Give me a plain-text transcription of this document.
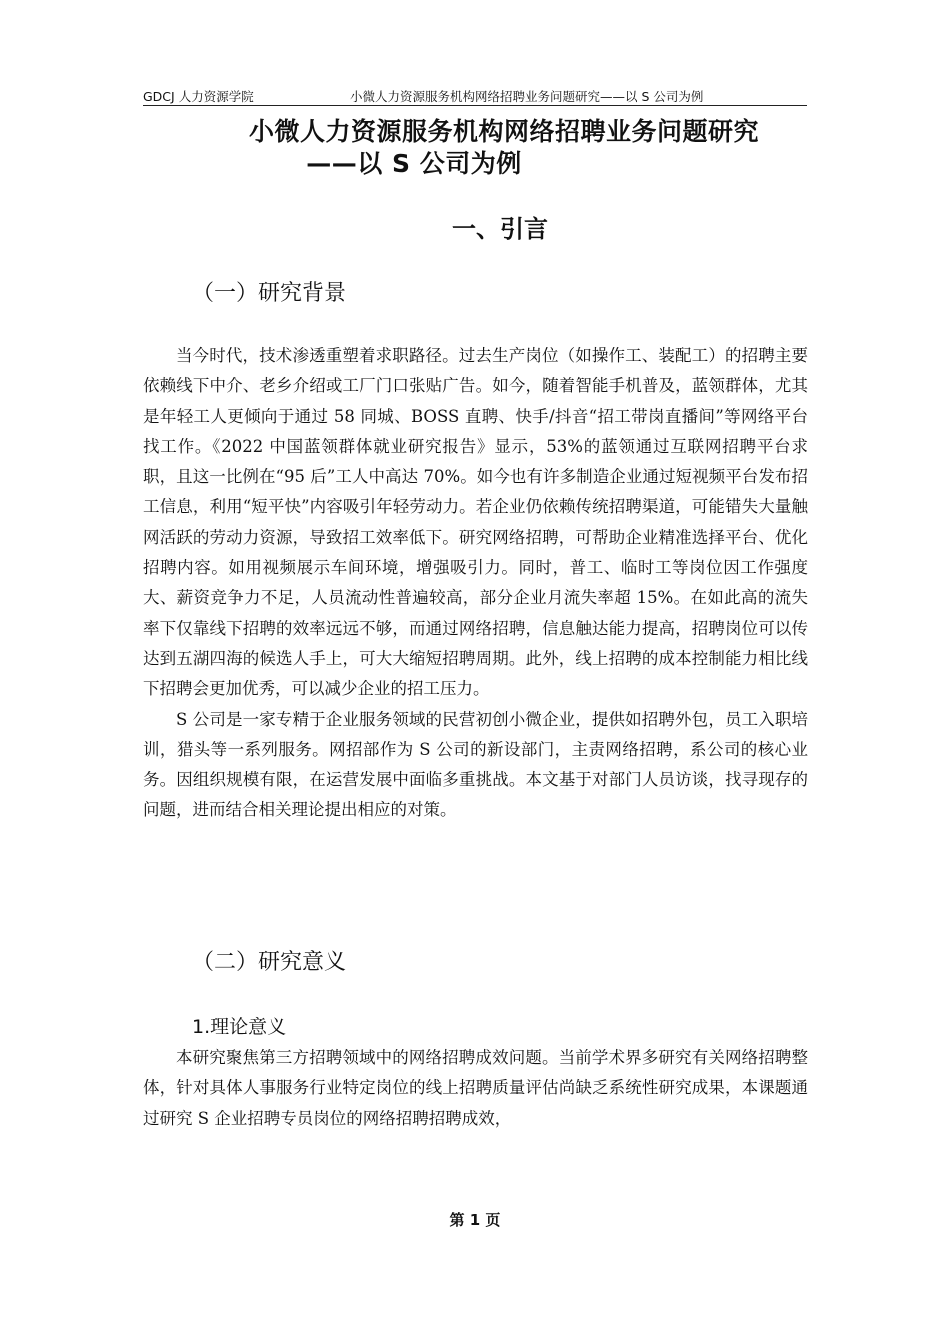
GDCJ 人力资源学院	小微人力资源服务机构网络招聘业务问题研究——以 S 公司为例
小微人力资源服务机构网络招聘业务问题研究
——以 S 公司为例
一、引言
（一）研究背景

当今时代，技术渗透重塑着求职路径。过去生产岗位（如操作工、装配工）的招聘主要依赖线下中介、老乡介绍或工厂门口张贴广告。如今，随着智能手机普及，蓝领群体，尤其是年轻工人更倾向于通过 58 同城、BOSS 直聘、快手/抖音“招工带岗直播间”等网络平台找工作。《2022 中国蓝领群体就业研究报告》显示，53%的蓝领通过互联网招聘平台求职，且这一比例在“95 后”工人中高达 70%。如今也有许多制造企业通过短视频平台发布招工信息，利用“短平快”内容吸引年轻劳动力。若企业仍依赖传统招聘渠道，可能错失大量触网活跃的劳动力资源，导致招工效率低下。研究网络招聘，可帮助企业精准选择平台、优化招聘内容。如用视频展示车间环境，增强吸引力。同时，普工、临时工等岗位因工作强度大、薪资竞争力不足，人员流动性普遍较高，部分企业月流失率超 15%。在如此高的流失率下仅靠线下招聘的效率远远不够，而通过网络招聘，信息触达能力提高，招聘岗位可以传达到五湖四海的候选人手上，可大大缩短招聘周期。此外，线上招聘的成本控制能力相比线下招聘会更加优秀，可以减少企业的招工压力。

S 公司是一家专精于企业服务领域的民营初创小微企业，提供如招聘外包，员工入职培训，猎头等一系列服务。网招部作为 S 公司的新设部门，主责网络招聘，系公司的核心业务。因组织规模有限，在运营发展中面临多重挑战。本文基于对部门人员访谈，找寻现存的问题，进而结合相关理论提出相应的对策。

（二）研究意义
1.理论意义

本研究聚焦第三方招聘领域中的网络招聘成效问题。当前学术界多研究有关网络招聘整体，针对具体人事服务行业特定岗位的线上招聘质量评估尚缺乏系统性研究成果，本课题通过研究 S 企业招聘专员岗位的网络招聘招聘成效，

第 1 页
